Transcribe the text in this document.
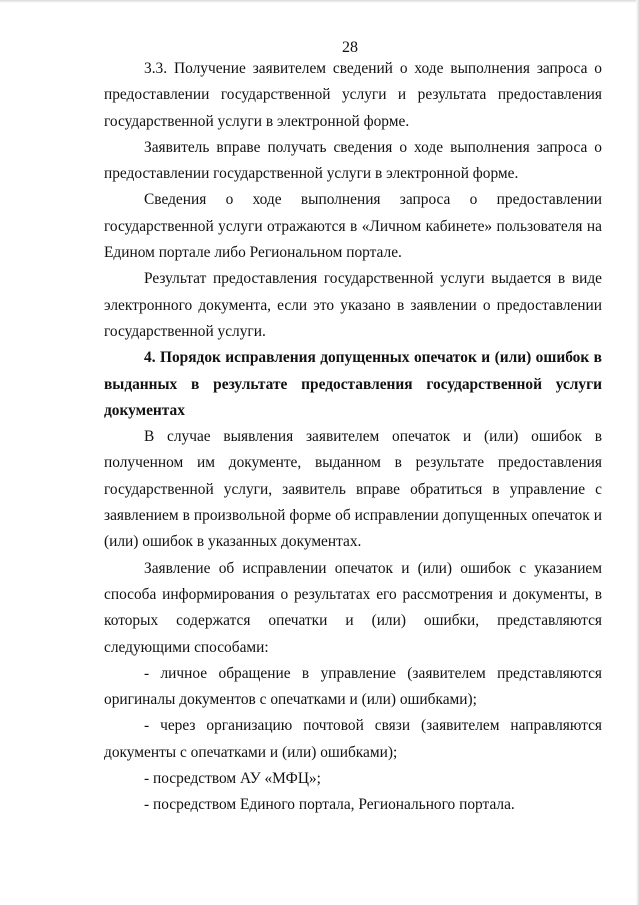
28

3.3. Получение заявителем сведений о ходе выполнения запроса о предоставлении государственной услуги и результата предоставления государственной услуги в электронной форме.

Заявитель вправе получать сведения о ходе выполнения запроса о предоставлении государственной услуги в электронной форме.

Сведения о ходе выполнения запроса о предоставлении государственной услуги отражаются в «Личном кабинете» пользователя на Едином портале либо Региональном портале.

Результат предоставления государственной услуги выдается в виде электронного документа, если это указано в заявлении о предоставлении государственной услуги.

4. Порядок исправления допущенных опечаток и (или) ошибок в выданных в результате предоставления государственной услуги документах

В случае выявления заявителем опечаток и (или) ошибок в полученном им документе, выданном в результате предоставления государственной услуги, заявитель вправе обратиться в управление с заявлением в произвольной форме об исправлении допущенных опечаток и (или) ошибок в указанных документах.

Заявление об исправлении опечаток и (или) ошибок с указанием способа информирования о результатах его рассмотрения и документы, в которых содержатся опечатки и (или) ошибки, представляются следующими способами:

- личное обращение в управление (заявителем представляются оригиналы документов с опечатками и (или) ошибками);

- через организацию почтовой связи (заявителем направляются документы с опечатками и (или) ошибками);

- посредством АУ «МФЦ»;

- посредством Единого портала, Регионального портала.
